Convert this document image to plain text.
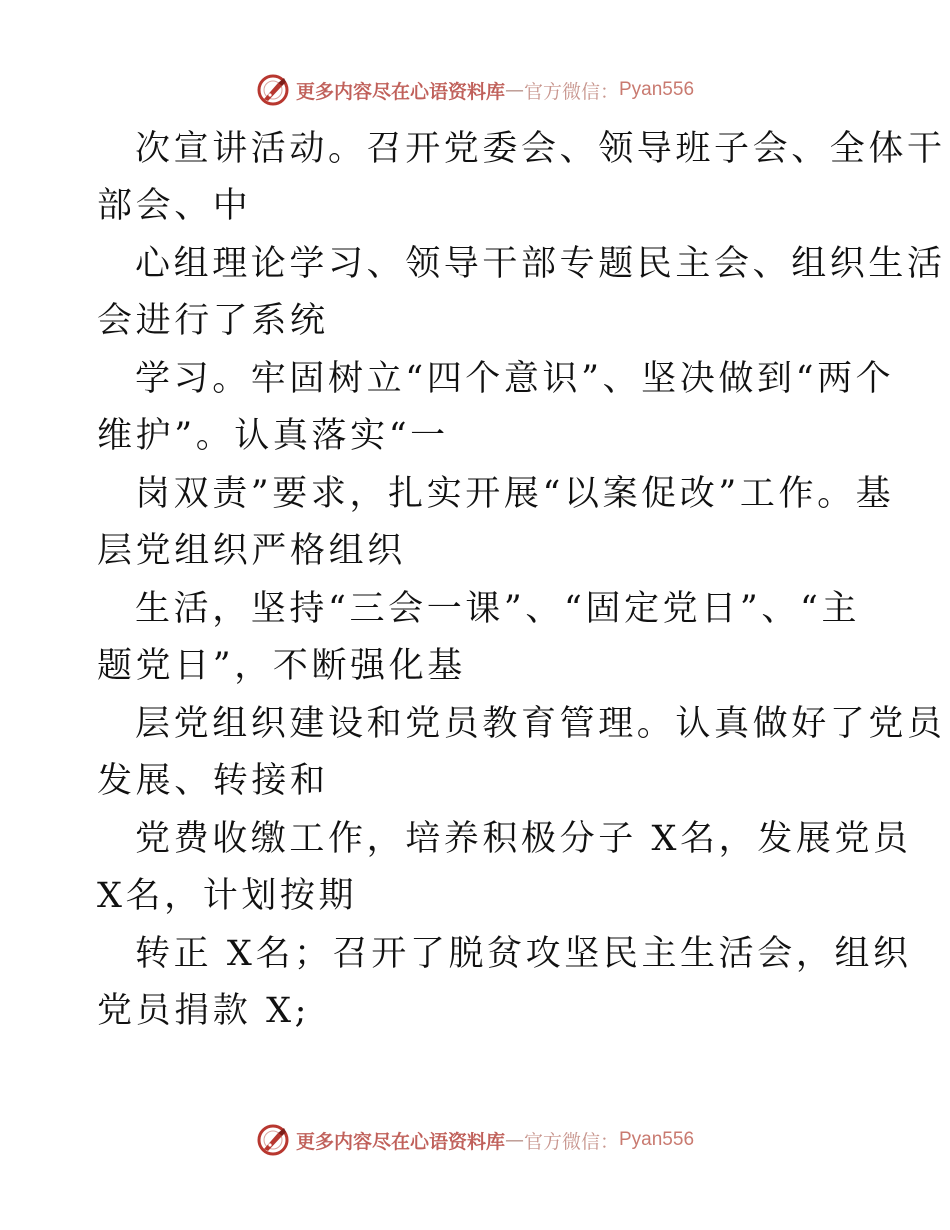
更多内容尽在心语资料库 — 官方微信： Pyan556
次宣讲活动。召开党委会、领导班子会、全体干
部会、中
心组理论学习、领导干部专题民主会、组织生活
会进行了系统
学习。牢固树立“四个意识”、坚决做到“两个
维护”。认真落实“一
岗双责”要求，扎实开展“以案促改”工作。基
层党组织严格组织
生活，坚持“三会一课”、“固定党日”、“主
题党日”，不断强化基
层党组织建设和党员教育管理。认真做好了党员
发展、转接和
党费收缴工作，培养积极分子 X名，发展党员
X名，计划按期
转正 X名；召开了脱贫攻坚民主生活会，组织
党员捐款 X;
更多内容尽在心语资料库 — 官方微信： Pyan556
